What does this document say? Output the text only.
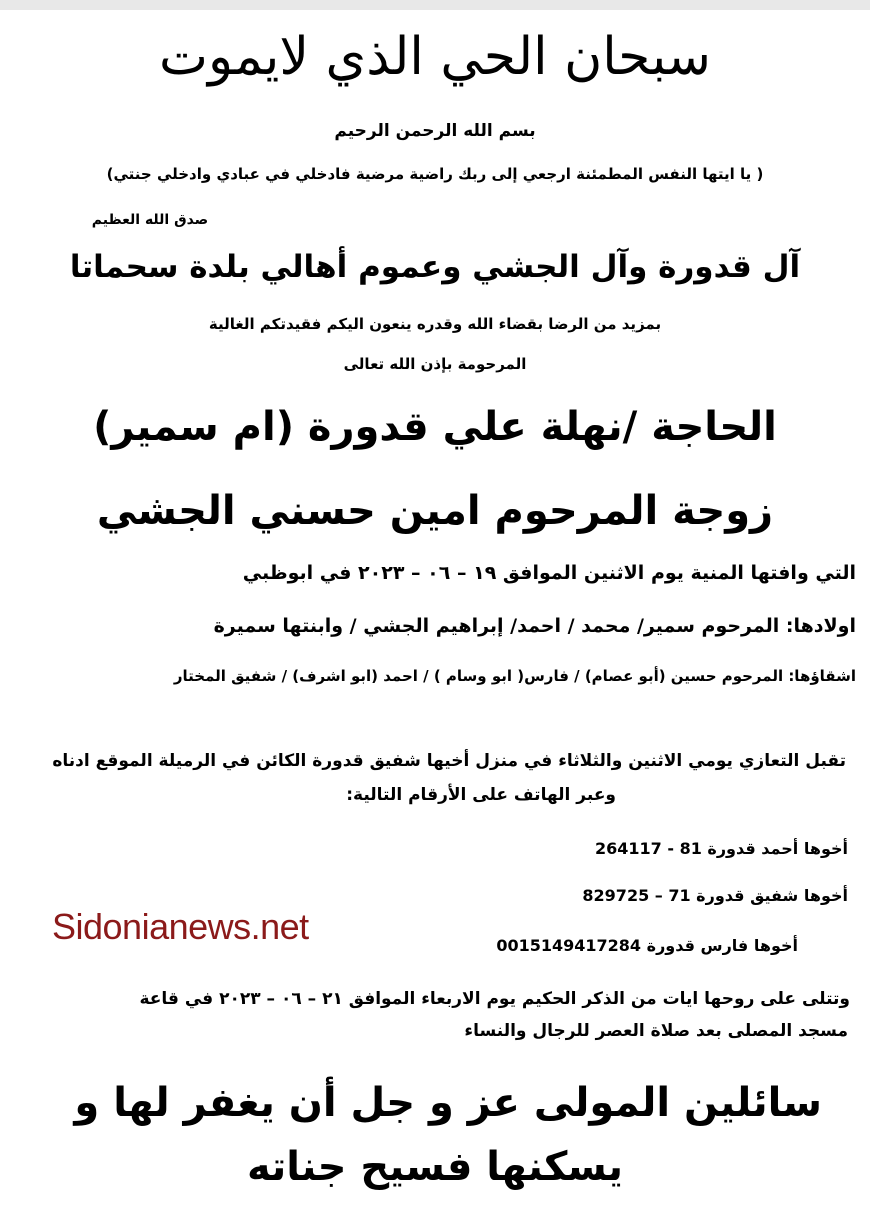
سبحان الحي الذي لايموت
بسم الله الرحمن الرحيم
( يا ايتها النفس المطمئنة ارجعي إلى ربك راضية مرضية فادخلي في عبادي وادخلي جنتي)
صدق الله العظيم
آل قدورة وآل الجشي وعموم أهالي بلدة سحماتا
بمزيد من الرضا بقضاء الله وقدره ينعون اليكم فقيدتكم الغالية
المرحومة بإذن الله تعالى
الحاجة /نهلة علي قدورة (ام سمير)
زوجة المرحوم امين حسني الجشي
التي وافتها المنية يوم الاثنين الموافق ١٩ – ٠٦ – ٢٠٢٣ في ابوظبي
اولادها: المرحوم سمير/ محمد / احمد/ إبراهيم الجشي / وابنتها سميرة
اشقاؤها: المرحوم حسين (أبو عصام) / فارس( ابو وسام ) / احمد (ابو اشرف) / شفيق المختار
تقبل التعازي يومي الاثنين والثلاثاء في منزل أخيها شفيق قدورة الكائن في الرميلة الموقع ادناه
وعبر الهاتف على الأرقام التالية:
أخوها أحمد قدورة 81 - 264117
أخوها شفيق قدورة 71 – 829725
أخوها فارس قدورة 0015149417284
Sidonianews.net
وتتلى على روحها ايات من الذكر الحكيم يوم الاربعاء الموافق ٢١ – ٠٦ – ٢٠٢٣ في قاعة
مسجد المصلى بعد صلاة العصر للرجال والنساء
سائلين المولى عز و جل أن يغفر لها و
يسكنها فسيح جناته
